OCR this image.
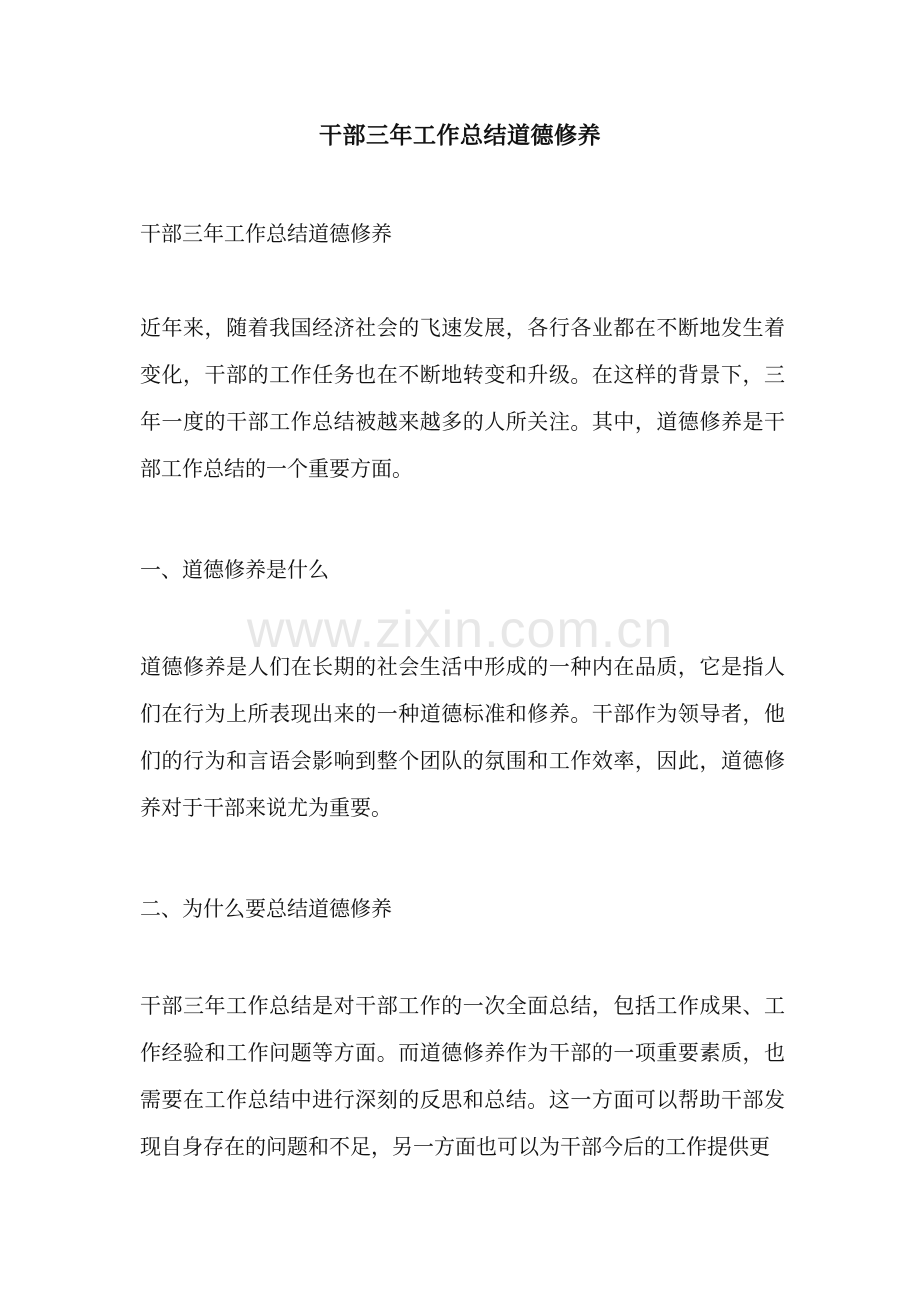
干部三年工作总结道德修养

干部三年工作总结道德修养

近年来，随着我国经济社会的飞速发展，各行各业都在不断地发生着变化，干部的工作任务也在不断地转变和升级。在这样的背景下，三年一度的干部工作总结被越来越多的人所关注。其中，道德修养是干部工作总结的一个重要方面。

一、道德修养是什么

道德修养是人们在长期的社会生活中形成的一种内在品质，它是指人们在行为上所表现出来的一种道德标准和修养。干部作为领导者，他们的行为和言语会影响到整个团队的氛围和工作效率，因此，道德修养对于干部来说尤为重要。

二、为什么要总结道德修养

干部三年工作总结是对干部工作的一次全面总结，包括工作成果、工作经验和工作问题等方面。而道德修养作为干部的一项重要素质，也需要在工作总结中进行深刻的反思和总结。这一方面可以帮助干部发现自身存在的问题和不足，另一方面也可以为干部今后的工作提供更

www.zixin.com.cn
